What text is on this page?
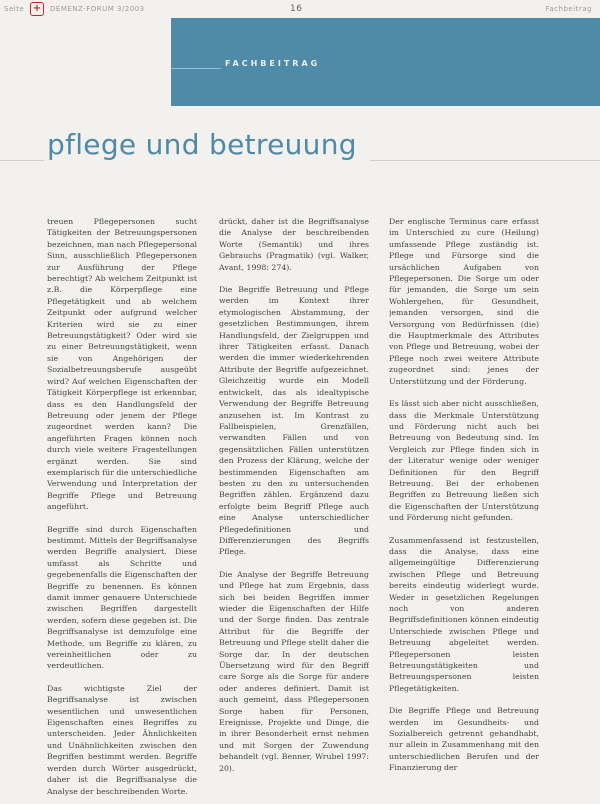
Seite +	DEMENZ-FORUM 3/2003	16	Fachbeitrag
FACHBEITRAG
pflege und betreuung

treuen Pflegepersonen sucht Tätigkeiten der Betreuungspersonen bezeichnen, man nach Pflegepersonal Sinn, ausschließlich Pflegepersonen zur Ausführung der Pflege berechtigt? Ab welchem Zeitpunkt ist z.B. die Körperpflege eine Pflegetätigkeit und ab welchem Zeitpunkt oder aufgrund welcher Kriterien wird sie zu einer Betreuungstätigkeit? Oder wird sie zu einer Betreuungstätigkeit, wenn sie von Angehörigen der Sozialbetreuungsberufe ausgeübt wird? Auf welchen Eigenschaften der Tätigkeit Körperpflege ist erkennbar, dass es den Handlungsfeld der Betreuung oder jenem der Pflege zugeordnet werden kann? Die angeführten Fragen können noch durch viele weitere Fragestellungen ergänzt werden. Sie sind exemplarisch für die unterschiedliche Verwendung und Interpretation der Begriffe Pflege und Betreuung angeführt.

Begriffe sind durch Eigenschaften bestimmt. Mittels der Begriffsanalyse werden Begriffe analysiert. Diese umfasst als Schritte und gegebenenfalls die Eigenschaften der Begriffe zu benennen. Es können damit immer genauere Unterschiede zwischen Begriffen dargestellt werden, sofern diese gegeben ist. Die Begriffsanalyse ist demzufolge eine Methode, um Begriffe zu klären, zu vereinheitlichen oder zu verdeutlichen.

Das wichtigste Ziel der Begriffsanalyse ist zwischen wesentlichen und unwesentlichen Eigenschaften eines Begriffes zu unterscheiden. Jeder Ähnlichkeiten und Unähnlichkeiten zwischen den Begriffen bestimmt werden. Begriffe werden durch Wörter ausgedrückt, daher ist die Begriffsanalyse die Analyse der beschreibenden Worte.

drückt, daher ist die Begriffsanalyse die Analyse der beschreibenden Worte (Semantik) und ihres Gebrauchs (Pragmatik) (vgl. Walker, Avant, 1998: 274).

Die Begriffe Betreuung und Pflege werden im Kontext ihrer etymologischen Abstammung, der gesetzlichen Bestimmungen, ihrem Handlungsfeld, der Zielgruppen und ihrer Tätigkeiten erfasst. Danach werden die immer wiederkehrenden Attribute der Begriffe aufgezeichnet. Gleichzeitig wurde ein Modell entwickelt, das als idealtypische Verwendung der Begriffe Betreuung anzusehen ist. Im Kontrast zu Fallbeispielen, Grenzfällen, verwandten Fällen und von gegensätzlichen Fällen unterstützen den Prozess der Klärung, welche der bestimmenden Eigenschaften am besten zu den zu untersuchenden Begriffen zählen. Ergänzend dazu erfolgte beim Begriff Pflege auch eine Analyse unterschiedlicher Pflegedefinitionen und Differenzierungen des Begriffs Pflege.

Die Analyse der Begriffe Betreuung und Pflege hat zum Ergebnis, dass sich bei beiden Begriffen immer wieder die Eigenschaften der Hilfe und der Sorge finden. Das zentrale Attribut für die Begriffe der Betreuung und Pflege stellt daher die Sorge dar. In der deutschen Übersetzung wird für den Begriff care Sorge als die Sorge für andere oder anderes definiert. Damit ist auch gemeint, dass Pflegepersonen Sorge haben für Personen, Ereignisse, Projekte und Dinge, die in ihrer Besonderheit ernst nehmen und mit Sorgen der Zuwendung behandelt (vgl. Benner, Wrubel 1997: 20).

Der englische Terminus care erfasst im Unterschied zu cure (Heilung) umfassende Pflege zuständig ist. Pflege und Fürsorge sind die ursächlichen Aufgaben von Pflegepersonen. Die Sorge um oder für jemanden, die Sorge um sein Wohlergehen, für Gesundheit, jemanden versorgen, sind die Versorgung von Bedürfnissen (die) die Hauptmerkmale des Attributes von Pflege und Betreuung, wobei der Pflege noch zwei weitere Attribute zugeordnet sind: jenes der Unterstützung und der Förderung.

Es lässt sich aber nicht ausschließen, dass die Merkmale Unterstützung und Förderung nicht auch bei Betreuung von Bedeutung sind. Im Vergleich zur Pflege finden sich in der Literatur wenige oder weniger Definitionen für den Begriff Betreuung. Bei der erhobenen Begriffen zu Betreuung ließen sich die Eigenschaften der Unterstützung und Förderung nicht gefunden.

Zusammenfassend ist festzustellen, dass die Analyse, dass eine allgemeingültige Differenzierung zwischen Pflege und Betreuung bereits eindeutig widerlegt wurde. Weder in gesetzlichen Regelungen noch von anderen Begriffsdefinitionen können eindeutig Unterschiede zwischen Pflege und Betreuung abgeleitet werden. Pflegepersonen leisten Betreuungstätigkeiten und Betreuungspersonen leisten Pflegetätigkeiten.

Die Begriffe Pflege und Betreuung werden im Gesundheits- und Sozialbereich getrennt gehandhabt, nur allein in Zusammenhang mit den unterschiedlichen Berufen und der Finanzierung der
